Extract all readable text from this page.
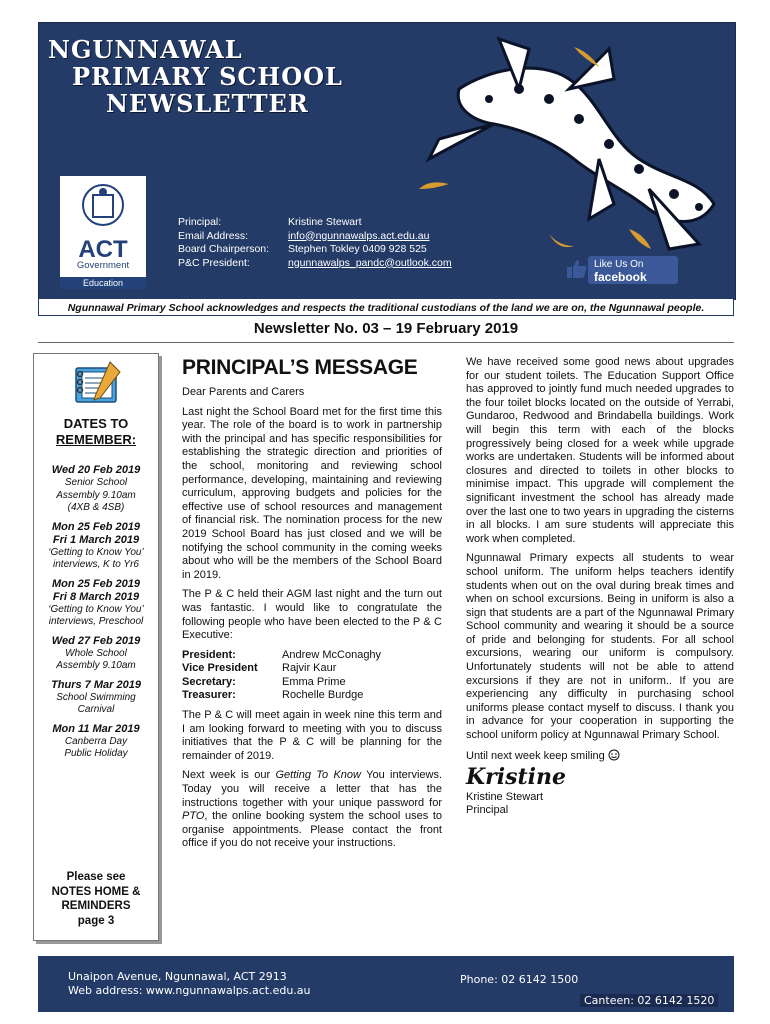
NGUNNAWAL
PRIMARY SCHOOL
NEWSLETTER
ACT
Government
Education
Principal:	Kristine Stewart
Email Address:	info@ngunnawalps.act.edu.au
Board Chairperson:	Stephen Tokley 0409 928 525
P&C President:	ngunnawalps_pandc@outlook.com	Like Us On
facebook
Ngunnawal Primary School acknowledges and respects the traditional custodians of the land we are on, the Ngunnawal people.
Newsletter No. 03 – 19 February 2019
DATES TO
REMEMBER:
Wed 20 Feb 2019
Senior School Assembly 9.10am (4XB & 4SB)
Mon 25 Feb 2019
Fri 1 March 2019
‘Getting to Know You’ interviews, K to Yr6
Mon 25 Feb 2019
Fri 8 March 2019
‘Getting to Know You’ interviews, Preschool
Wed 27 Feb 2019
Whole School Assembly 9.10am
Thurs 7 Mar 2019
School Swimming Carnival
Mon 11 Mar 2019
Canberra Day Public Holiday
Please see
NOTES HOME &
REMINDERS
page 3
PRINCIPAL’S MESSAGE

Dear Parents and Carers

Last night the School Board met for the first time this year. The role of the board is to work in partnership with the principal and has specific responsibilities for establishing the strategic direction and priorities of the school, monitoring and reviewing school performance, developing, maintaining and reviewing curriculum, approving budgets and policies for the effective use of school resources and management of financial risk. The nomination process for the new 2019 School Board has just closed and we will be notifying the school community in the coming weeks about who will be the members of the School Board in 2019.

The P & C held their AGM last night and the turn out was fantastic. I would like to congratulate the following people who have been elected to the P & C Executive:

President:	Andrew McConaghy
Vice President	Rajvir Kaur
Secretary:	Emma Prime
Treasurer:	Rochelle Burdge

The P & C will meet again in week nine this term and I am looking forward to meeting with you to discuss initiatives that the P & C will be planning for the remainder of 2019.

Next week is our Getting To Know You interviews. Today you will receive a letter that has the instructions together with your unique password for PTO, the online booking system the school uses to organise appointments. Please contact the front office if you do not receive your instructions.

We have received some good news about upgrades for our student toilets. The Education Support Office has approved to jointly fund much needed upgrades to the four toilet blocks located on the outside of Yerrabi, Gundaroo, Redwood and Brindabella buildings. Work will begin this term with each of the blocks progressively being closed for a week while upgrade works are undertaken. Students will be informed about closures and directed to toilets in other blocks to minimise impact. This upgrade will complement the significant investment the school has already made over the last one to two years in upgrading the cisterns in all blocks. I am sure students will appreciate this work when completed.

Ngunnawal Primary expects all students to wear school uniform. The uniform helps teachers identify students when out on the oval during break times and when on school excursions. Being in uniform is also a sign that students are a part of the Ngunnawal Primary School community and wearing it should be a source of pride and belonging for students. For all school excursions, wearing our uniform is compulsory. Unfortunately students will not be able to attend excursions if they are not in uniform.. If you are experiencing any difficulty in purchasing school uniforms please contact myself to discuss. I thank you in advance for your cooperation in supporting the school uniform policy at Ngunnawal Primary School.

Until next week keep smiling

Kristine
Kristine Stewart
Principal
Unaipon Avenue, Ngunnawal, ACT 2913
Web address: www.ngunnawalps.act.edu.au
Phone: 02 6142 1500
Canteen: 02 6142 1520
